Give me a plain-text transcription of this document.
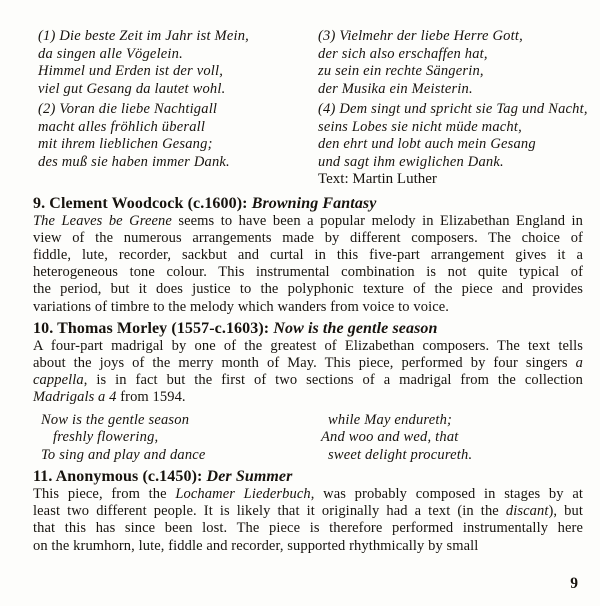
(1) Die beste Zeit im Jahr ist Mein,
da singen alle Vögelein.
Himmel und Erden ist der voll,
viel gut Gesang da lautet wohl.
(2) Voran die liebe Nachtigall
macht alles fröhlich überall
mit ihrem lieblichen Gesang;
des muß sie haben immer Dank.
(3) Vielmehr der liebe Herre Gott,
der sich also erschaffen hat,
zu sein ein rechte Sängerin,
der Musika ein Meisterin.
(4) Dem singt und spricht sie Tag und Nacht,
seins Lobes sie nicht müde macht,
den ehrt und lobt auch mein Gesang
und sagt ihm ewiglichen Dank.
Text: Martin Luther
9. Clement Woodcock (c.1600): Browning Fantasy
The Leaves be Greene seems to have been a popular melody in Elizabethan England in
view of the numerous arrangements made by different composers. The choice of
fiddle, lute, recorder, sackbut and curtal in this five-part arrangement gives it a
heterogeneous tone colour. This instrumental combination is not quite typical of
the period, but it does justice to the polyphonic texture of the piece and provides
variations of timbre to the melody which wanders from voice to voice.
10. Thomas Morley (1557-c.1603): Now is the gentle season
A four-part madrigal by one of the greatest of Elizabethan composers. The text tells
about the joys of the merry month of May. This piece, performed by four singers a
cappella, is in fact but the first of two sections of a madrigal from the collection
Madrigals a 4 from 1594.
Now is the gentle season
freshly flowering,
To sing and play and dance
while May endureth;
And woo and wed, that
sweet delight procureth.
11. Anonymous (c.1450): Der Summer
This piece, from the Lochamer Liederbuch, was probably composed in stages by at
least two different people. It is likely that it originally had a text (in the discant), but
that this has since been lost. The piece is therefore performed instrumentally here
on the krumhorn, lute, fiddle and recorder, supported rhythmically by small
9
